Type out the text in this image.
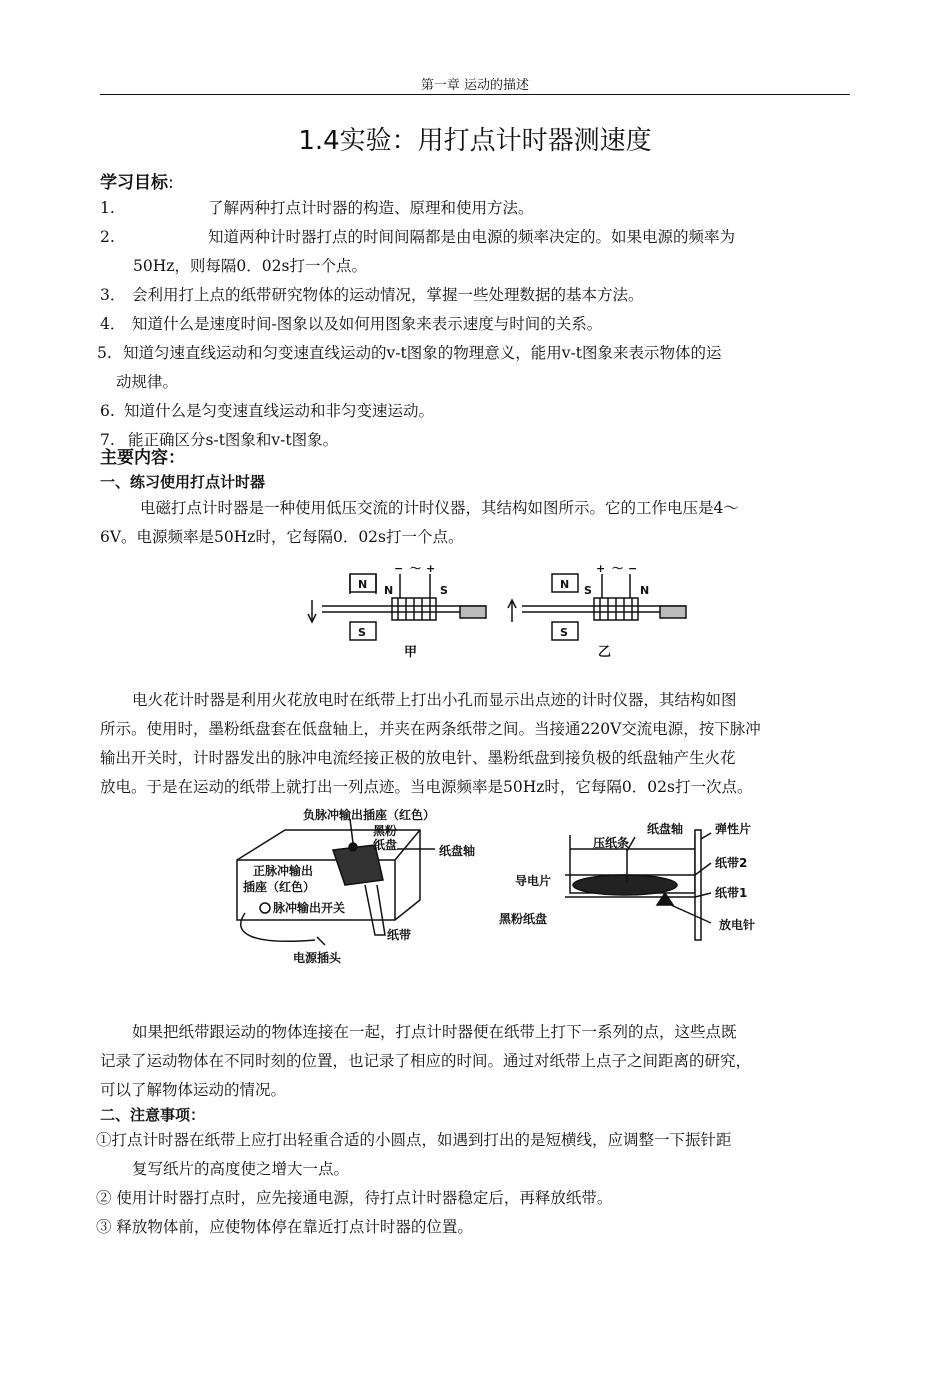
第一章 运动的描述
1.4实验：用打点计时器测速度
学习目标:
1.	了解两种打点计时器的构造、原理和使用方法。
2.	知道两种计时器打点的时间间隔都是由电源的频率决定的。如果电源的频率为
50Hz，则每隔0．02s打一个点。
3． 会利用打上点的纸带研究物体的运动情况，掌握一些处理数据的基本方法。
4． 知道什么是速度时间-图象以及如何用图象来表示速度与时间的关系。
5. 知道匀速直线运动和匀变速直线运动的v-t图象的物理意义，能用v-t图象来表示物体的运
动规律。
6. 知道什么是匀变速直线运动和非匀变速运动。
7. 能正确区分s-t图象和v-t图象。
主要内容：
一、练习使用打点计时器
电磁打点计时器是一种使用低压交流的计时仪器，其结构如图所示。它的工作电压是4～
6V。电源频率是50Hz时，它每隔0．02s打一个点。
N
S
N	S
− ～ +
甲
N
S
S	N
+ ～ −
乙
电火花计时器是利用火花放电时在纸带上打出小孔而显示出点迹的计时仪器，其结构如图
所示。使用时，墨粉纸盘套在低盘轴上，并夹在两条纸带之间。当接通220V交流电源，按下脉冲
输出开关时，计时器发出的脉冲电流经接正极的放电针、墨粉纸盘到接负极的纸盘轴产生火花
放电。于是在运动的纸带上就打出一列点迹。当电源频率是50Hz时，它每隔0．02s打一次点。
负脉冲输出插座（红色）
黑粉
纸盘	纸盘轴
正脉冲输出
插座（红色）
脉冲输出开关
纸带
电源插头
压纸条
纸盘轴	弹性片
导电片
纸带2
纸带1
黑粉纸盘	放电针
如果把纸带跟运动的物体连接在一起，打点计时器便在纸带上打下一系列的点，这些点既
记录了运动物体在不同时刻的位置，也记录了相应的时间。通过对纸带上点子之间距离的研究，
可以了解物体运动的情况。
二、注意事项：
①打点计时器在纸带上应打出轻重合适的小圆点，如遇到打出的是短横线，应调整一下振针距
复写纸片的高度使之增大一点。
② 使用计时器打点时，应先接通电源，待打点计时器稳定后，再释放纸带。
③ 释放物体前，应使物体停在靠近打点计时器的位置。
